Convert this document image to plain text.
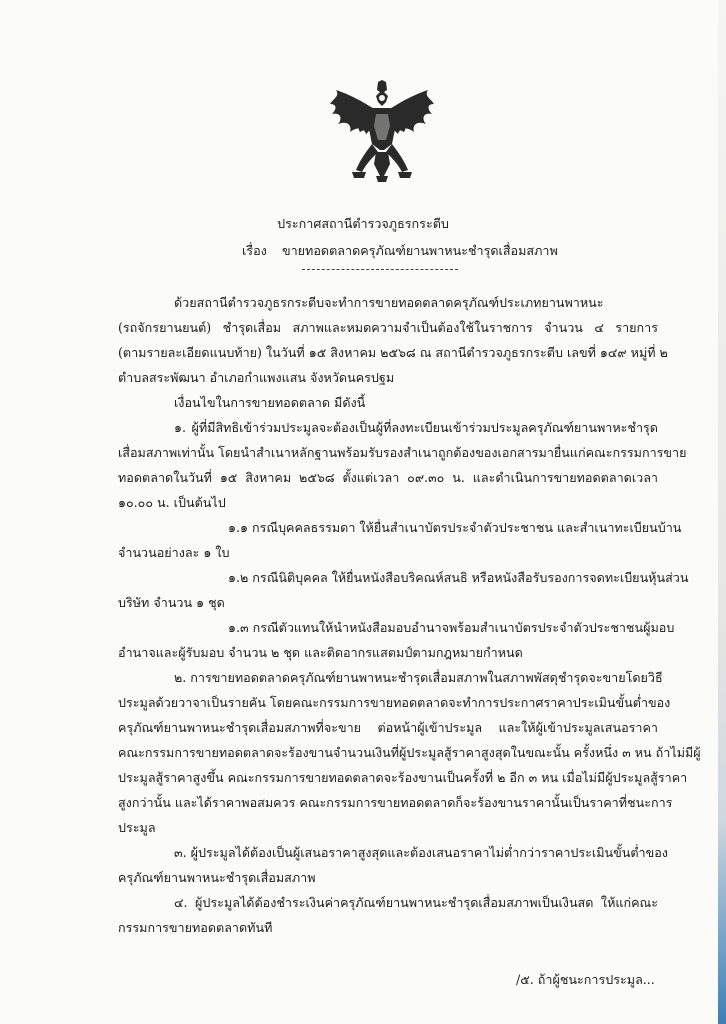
ประกาศสถานีตำรวจภูธรกระตีบ
เรื่อง ขายทอดตลาดครุภัณฑ์ยานพาหนะชำรุดเสื่อมสภาพ
ด้วยสถานีตำรวจภูธรกระตีบจะทำการขายทอดตลาดครุภัณฑ์ประเภทยานพาหนะ
(รถจักรยานยนต์) ชำรุดเสื่อม สภาพและหมดความจำเป็นต้องใช้ในราชการ จำนวน ๔ รายการ
(ตามรายละเอียดแนบท้าย) ในวันที่ ๑๕ สิงหาคม ๒๕๖๘ ณ สถานีตำรวจภูธรกระตีบ เลขที่ ๑๔๙ หมู่ที่ ๒
ตำบลสระพัฒนา อำเภอกำแพงแสน จังหวัดนครปฐม
เงื่อนไขในการขายทอดตลาด มีดังนี้
๑. ผู้ที่มีสิทธิเข้าร่วมประมูลจะต้องเป็นผู้ที่ลงทะเบียนเข้าร่วมประมูลครุภัณฑ์ยานพาหะชำรุด
เสื่อมสภาพเท่านั้น โดยนำสำเนาหลักฐานพร้อมรับรองสำเนาถูกต้องของเอกสารมายื่นแก่คณะกรรมการขาย
ทอดตลาดในวันที่ ๑๕ สิงหาคม ๒๕๖๘ ตั้งแต่เวลา ๐๙.๓๐ น. และดำเนินการขายทอดตลาดเวลา
๑๐.๐๐ น. เป็นต้นไป
๑.๑ กรณีบุคคลธรรมดา ให้ยื่นสำเนาบัตรประจำตัวประชาชน และสำเนาทะเบียนบ้าน
จำนวนอย่างละ ๑ ใบ
๑.๒ กรณีนิติบุคคล ให้ยื่นหนังสือบริคณห์สนธิ หรือหนังสือรับรองการจดทะเบียนหุ้นส่วน
บริษัท จำนวน ๑ ชุด
๑.๓ กรณีตัวแทนให้นำหนังสือมอบอำนาจพร้อมสำเนาบัตรประจำตัวประชาชนผู้มอบ
อำนาจและผู้รับมอบ จำนวน ๒ ชุด และติดอากรแสตมป์ตามกฎหมายกำหนด
๒. การขายทอดตลาดครุภัณฑ์ยานพาหนะชำรุดเสื่อมสภาพในสภาพพัสดุชำรุดจะขายโดยวิธี
ประมูลด้วยวาจาเป็นรายคัน โดยคณะกรรมการขายทอดตลาดจะทำการประกาศราคาประเมินขั้นต่ำของ
ครุภัณฑ์ยานพาหนะชำรุดเสื่อมสภาพที่จะขาย ต่อหน้าผู้เข้าประมูล และให้ผู้เข้าประมูลเสนอราคา
คณะกรรมการขายทอดตลาดจะร้องขานจำนวนเงินที่ผู้ประมูลสู้ราคาสูงสุดในขณะนั้น ครั้งหนึ่ง ๓ หน ถ้าไม่มีผู้
ประมูลสู้ราคาสูงขึ้น คณะกรรมการขายทอดตลาดจะร้องขานเป็นครั้งที่ ๒ อีก ๓ หน เมื่อไม่มีผู้ประมูลสู้ราคา
สูงกว่านั้น และได้ราคาพอสมควร คณะกรรมการขายทอดตลาดก็จะร้องขานราคานั้นเป็นราคาที่ชนะการ
ประมูล
๓. ผู้ประมูลได้ต้องเป็นผู้เสนอราคาสูงสุดและต้องเสนอราคาไม่ต่ำกว่าราคาประเมินขั้นต่ำของ
ครุภัณฑ์ยานพาหนะชำรุดเสื่อมสภาพ
๔. ผู้ประมูลได้ต้องชำระเงินค่าครุภัณฑ์ยานพาหนะชำรุดเสื่อมสภาพเป็นเงินสด ให้แก่คณะ
กรรมการขายทอดตลาดทันที
/๕. ถ้าผู้ชนะการประมูล...
